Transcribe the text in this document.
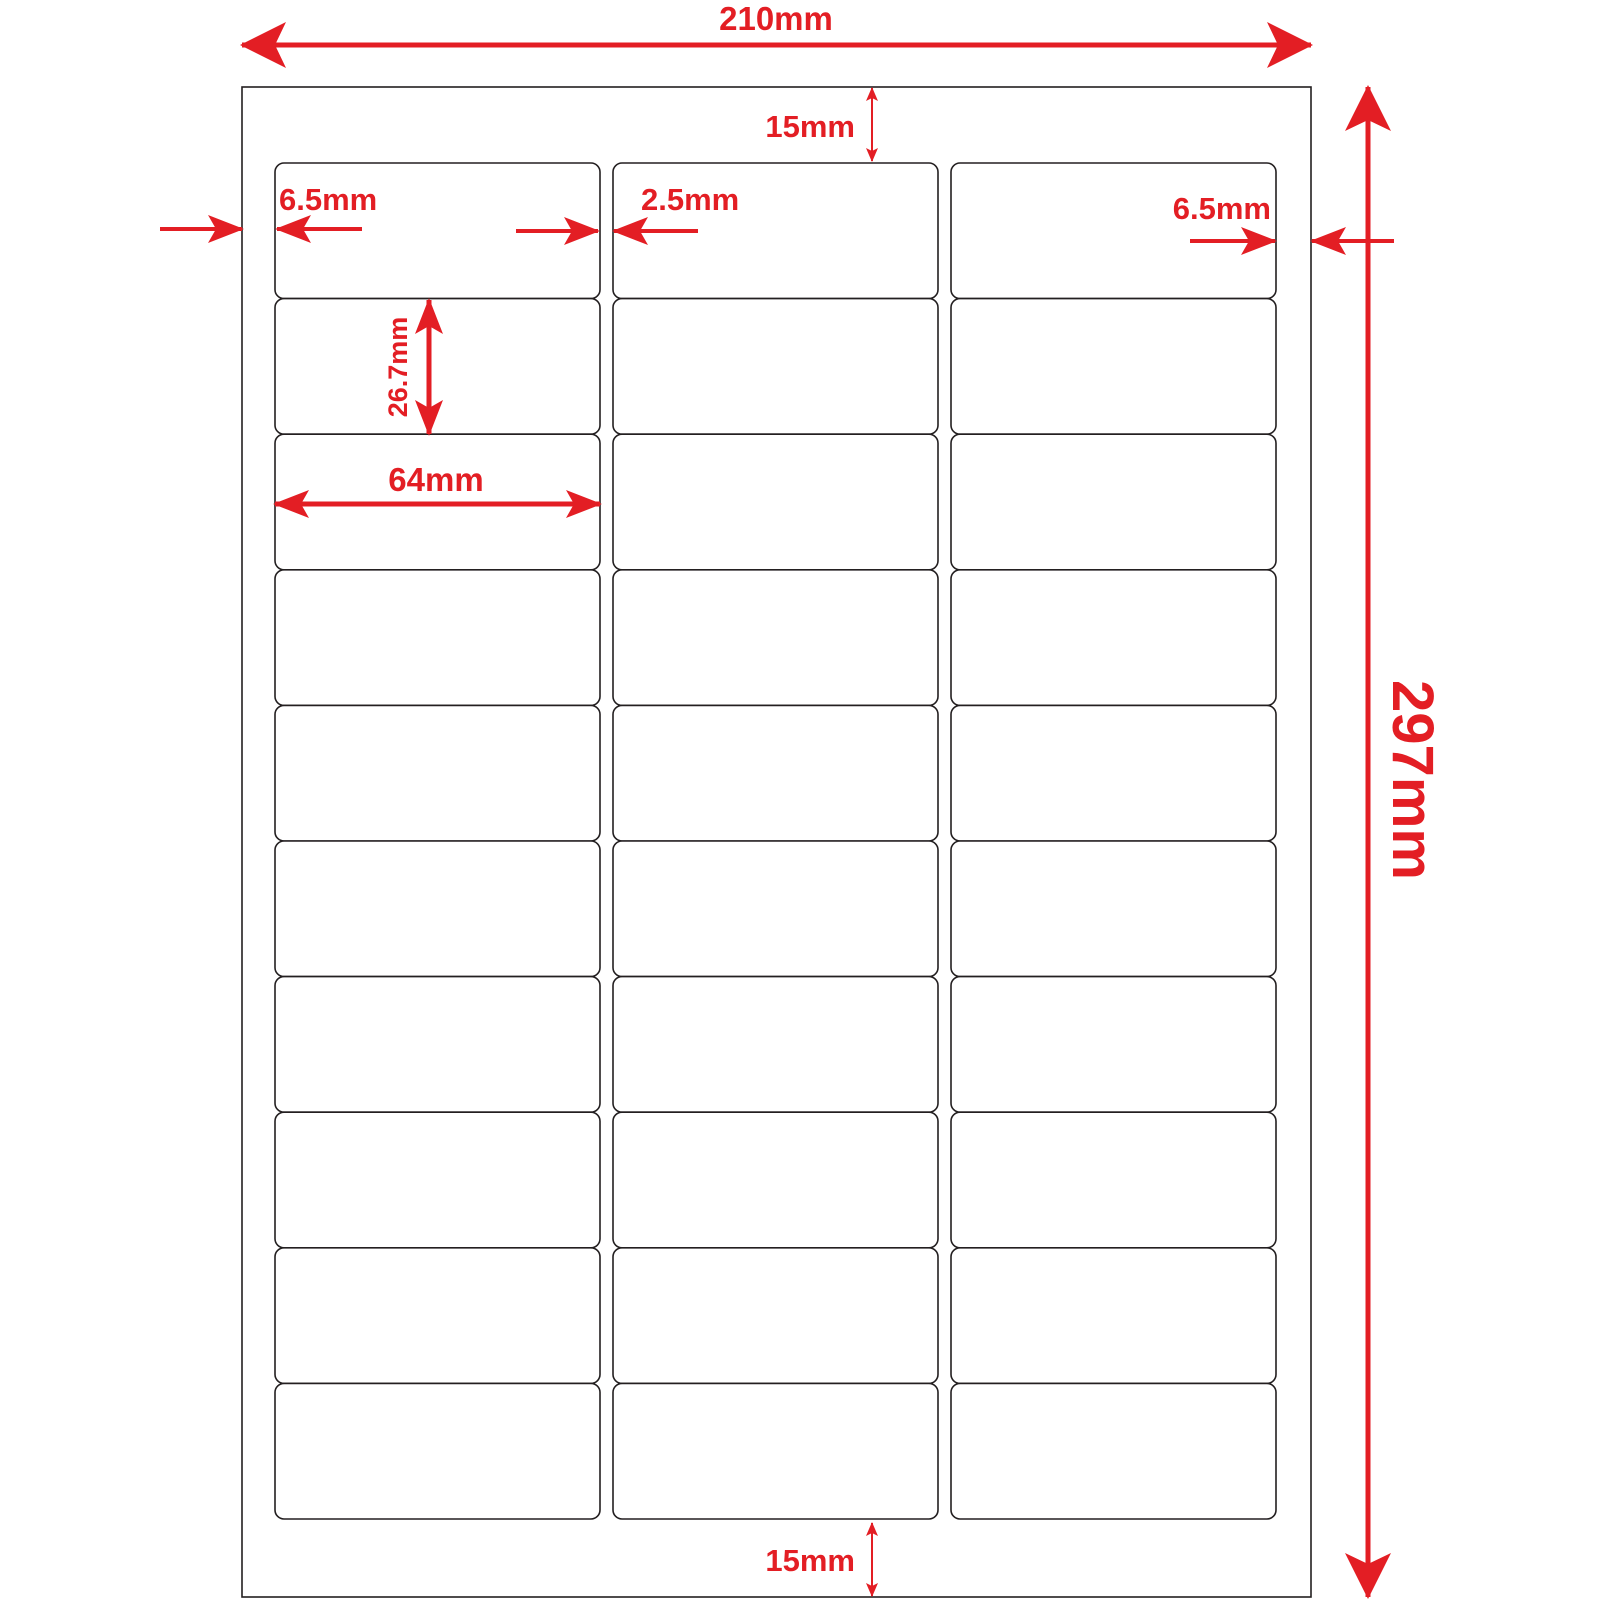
210mm
297mm
15mm
15mm
6.5mm	2.5mm	6.5mm
26.7mm
64mm
